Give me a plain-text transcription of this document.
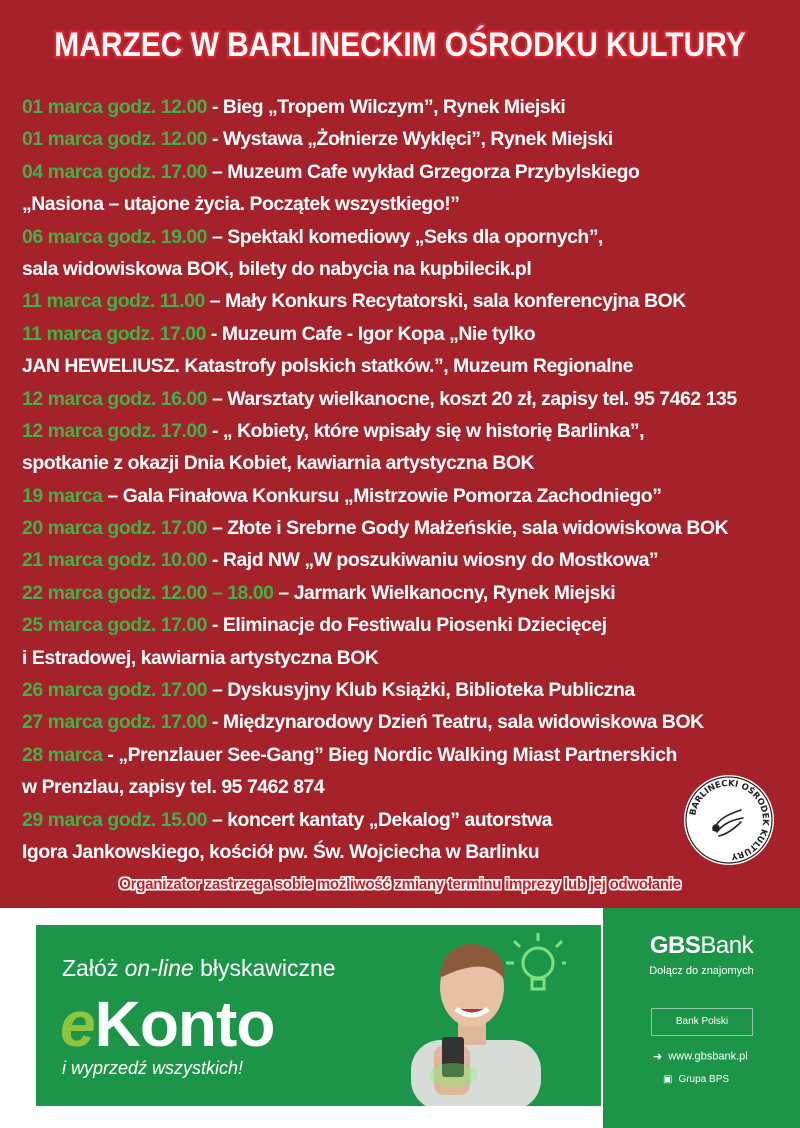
MARZEC W BARLINECKIM OŚRODKU KULTURY
01 marca godz. 12.00 - Bieg „Tropem Wilczym”, Rynek Miejski
01 marca godz. 12.00 - Wystawa „Żołnierze Wyklęci”, Rynek Miejski
04 marca godz. 17.00 – Muzeum Cafe wykład Grzegorza Przybylskiego
„Nasiona – utajone życia. Początek wszystkiego!”
06 marca godz. 19.00 – Spektakl komediowy „Seks dla opornych”,
sala widowiskowa BOK, bilety do nabycia na kupbilecik.pl
11 marca godz. 11.00 – Mały Konkurs Recytatorski, sala konferencyjna BOK
11 marca godz. 17.00 - Muzeum Cafe - Igor Kopa „Nie tylko
JAN HEWELIUSZ. Katastrofy polskich statków.”, Muzeum Regionalne
12 marca godz. 16.00 – Warsztaty wielkanocne, koszt 20 zł, zapisy tel. 95 7462 135
12 marca godz. 17.00 - „ Kobiety, które wpisały się w historię Barlinka”,
spotkanie z okazji Dnia Kobiet, kawiarnia artystyczna BOK
19 marca – Gala Finałowa Konkursu „Mistrzowie Pomorza Zachodniego”
20 marca godz. 17.00 – Złote i Srebrne Gody Małżeńskie, sala widowiskowa BOK
21 marca godz. 10.00 - Rajd NW „W poszukiwaniu wiosny do Mostkowa”
22 marca godz. 12.00 – 18.00 – Jarmark Wielkanocny, Rynek Miejski
25 marca godz. 17.00 - Eliminacje do Festiwalu Piosenki Dziecięcej
i Estradowej, kawiarnia artystyczna BOK
26 marca godz. 17.00 – Dyskusyjny Klub Książki, Biblioteka Publiczna
27 marca godz. 17.00 - Międzynarodowy Dzień Teatru, sala widowiskowa BOK
28 marca - „Prenzlauer See-Gang” Bieg Nordic Walking Miast Partnerskich
w Prenzlau, zapisy tel. 95 7462 874
29 marca godz. 15.00 – koncert kantaty „Dekalog” autorstwa
Igora Jankowskiego, kościół pw. Św. Wojciecha w Barlinku
BARLINECKI OŚRODEK KULTURY
Organizator zastrzega sobie możliwość zmiany terminu imprezy lub jej odwołanie
Załóż on-line błyskawiczne
eKonto
i wyprzedź wszystkich!
GBSBank
Dołącz do znajomych
Bank Polski
➜ www.gbsbank.pl
▣ Grupa BPS
